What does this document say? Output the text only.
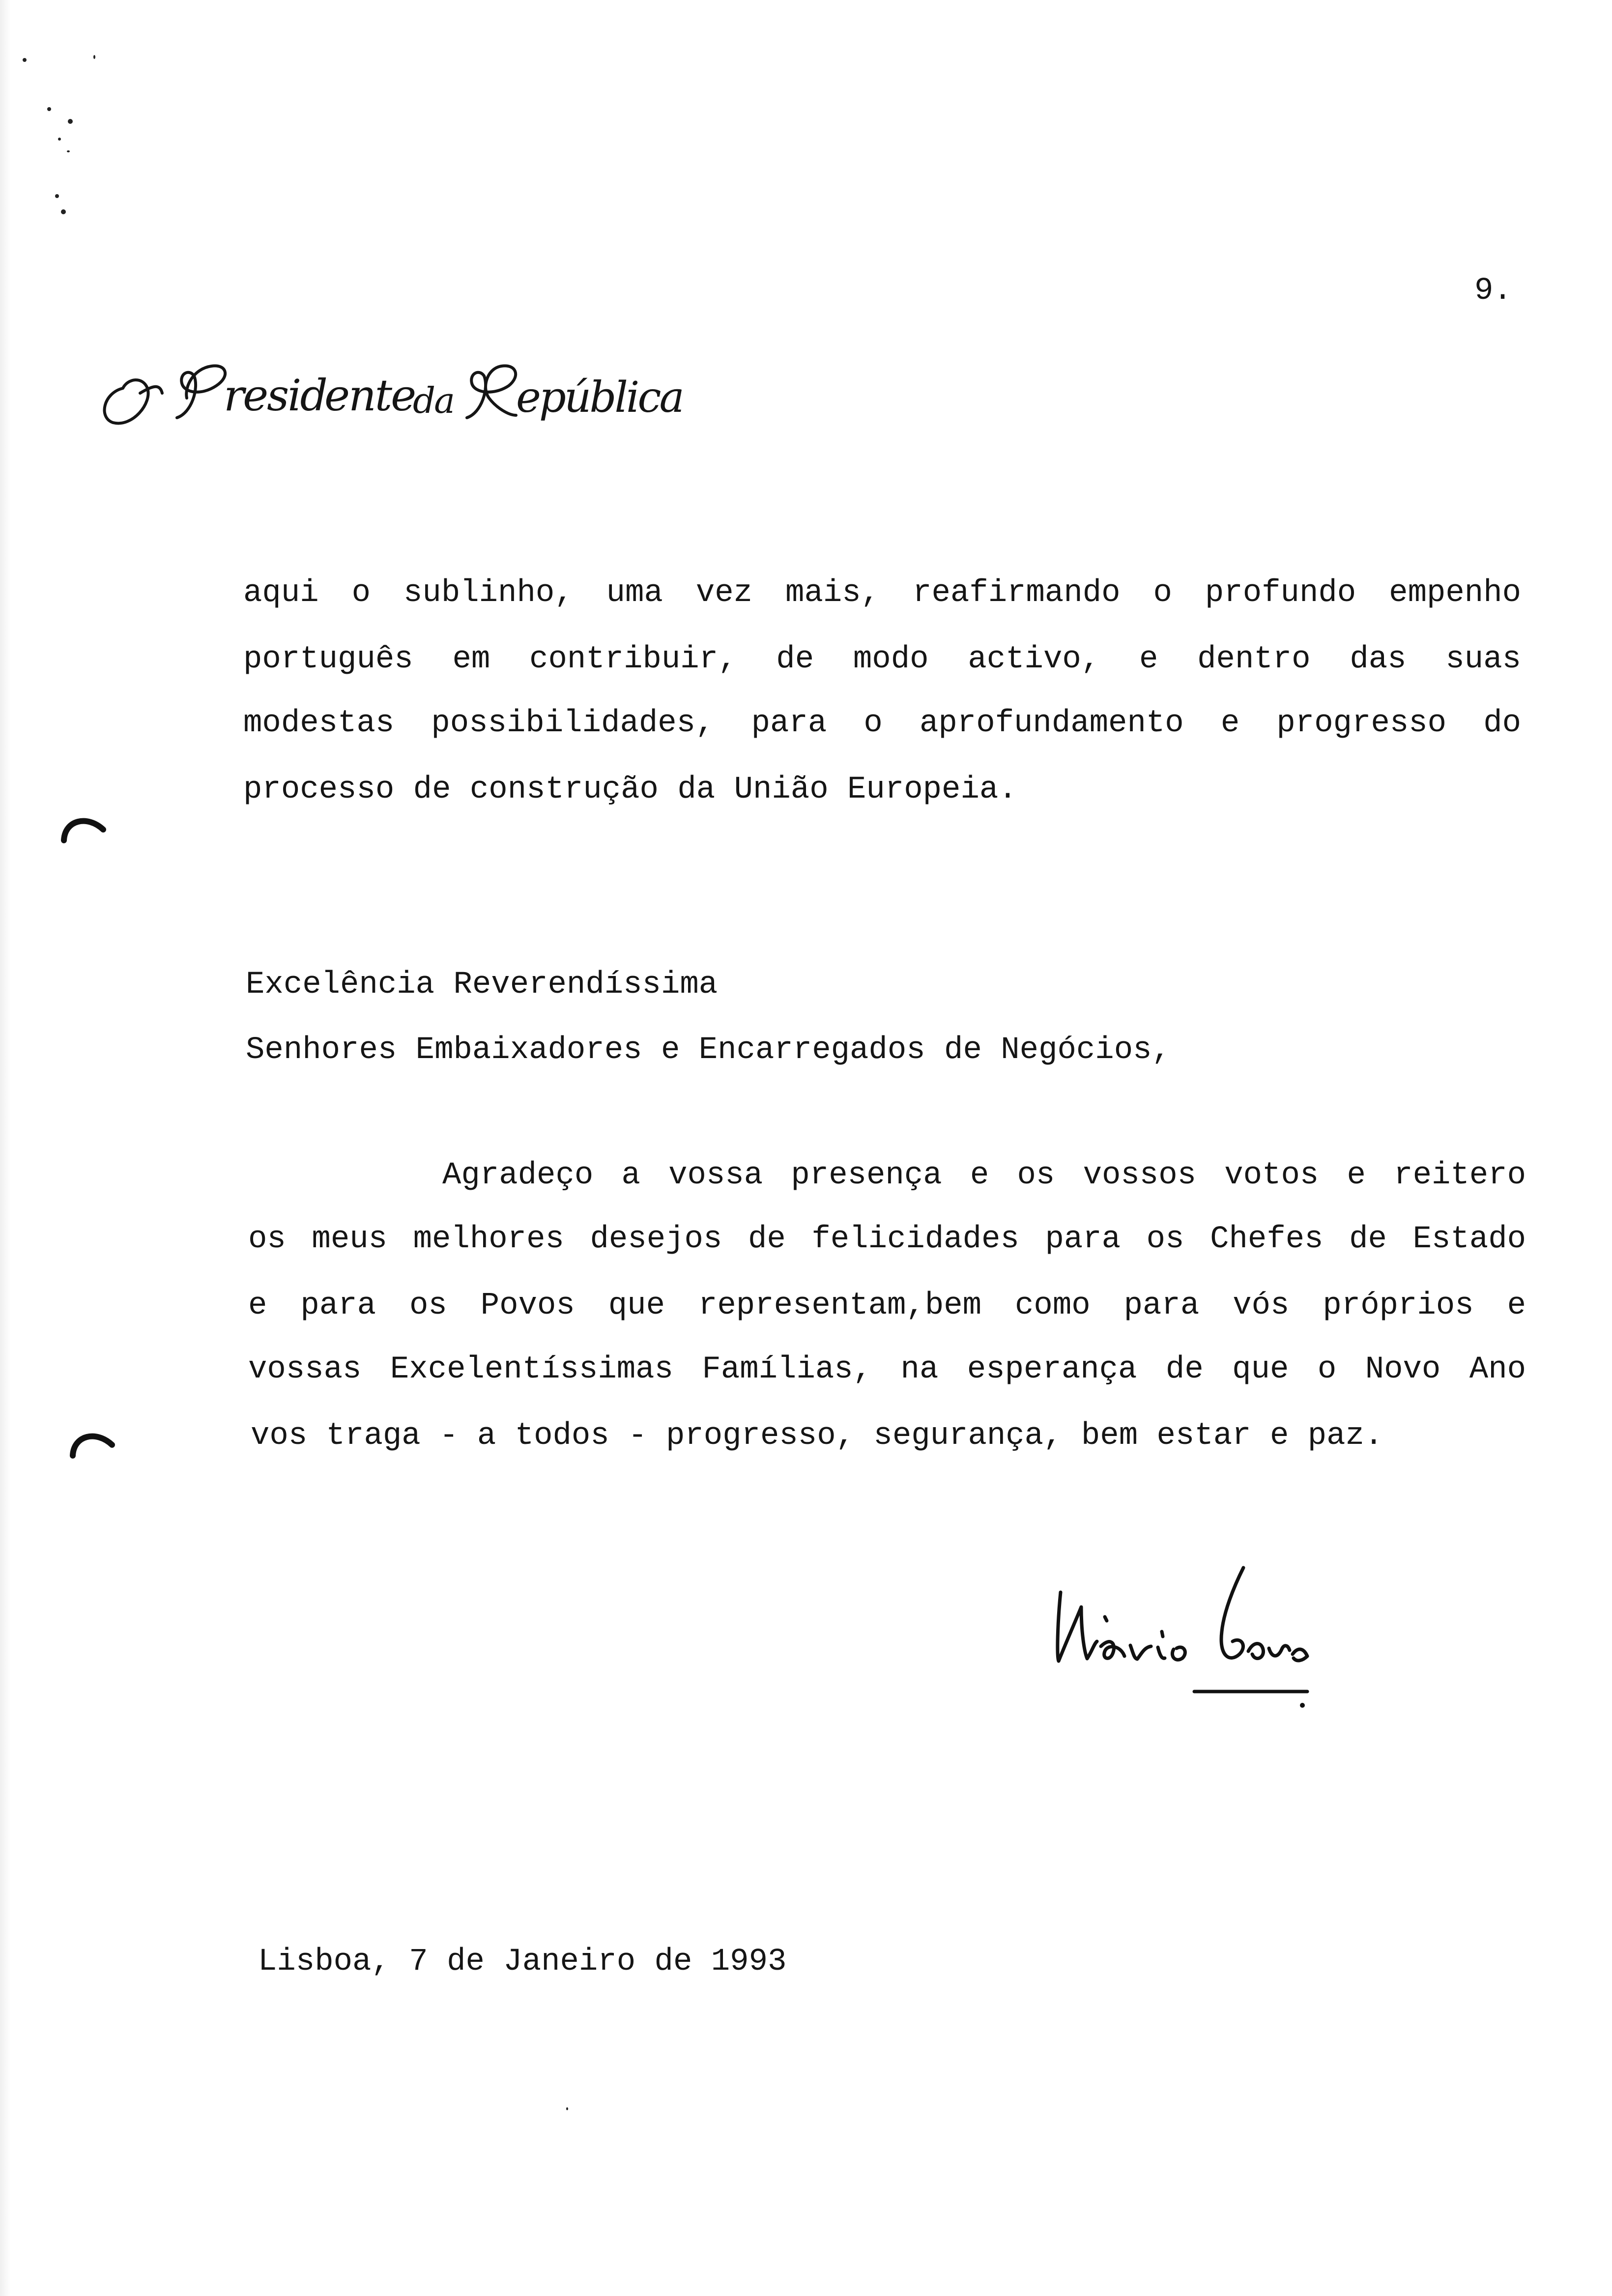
resid
ente
da epública
9.
aqui o sublinho, uma vez mais, reafirmando o profundo empenho
português em contribuir, de modo activo, e dentro das suas
modestas possibilidades, para o aprofundamento e progresso do
processo de construção da União Europeia.
Excelência Reverendíssima
Senhores Embaixadores e Encarregados de Negócios,
Agradeço a vossa presença e os vossos votos e reitero
os meus melhores desejos de felicidades para os Chefes de Estado
e para os Povos que representam,bem como para vós próprios e
vossas Excelentíssimas Famílias, na esperança de que o Novo Ano
vos traga - a todos - progresso, segurança, bem estar e paz.
Lisboa, 7 de Janeiro de 1993
